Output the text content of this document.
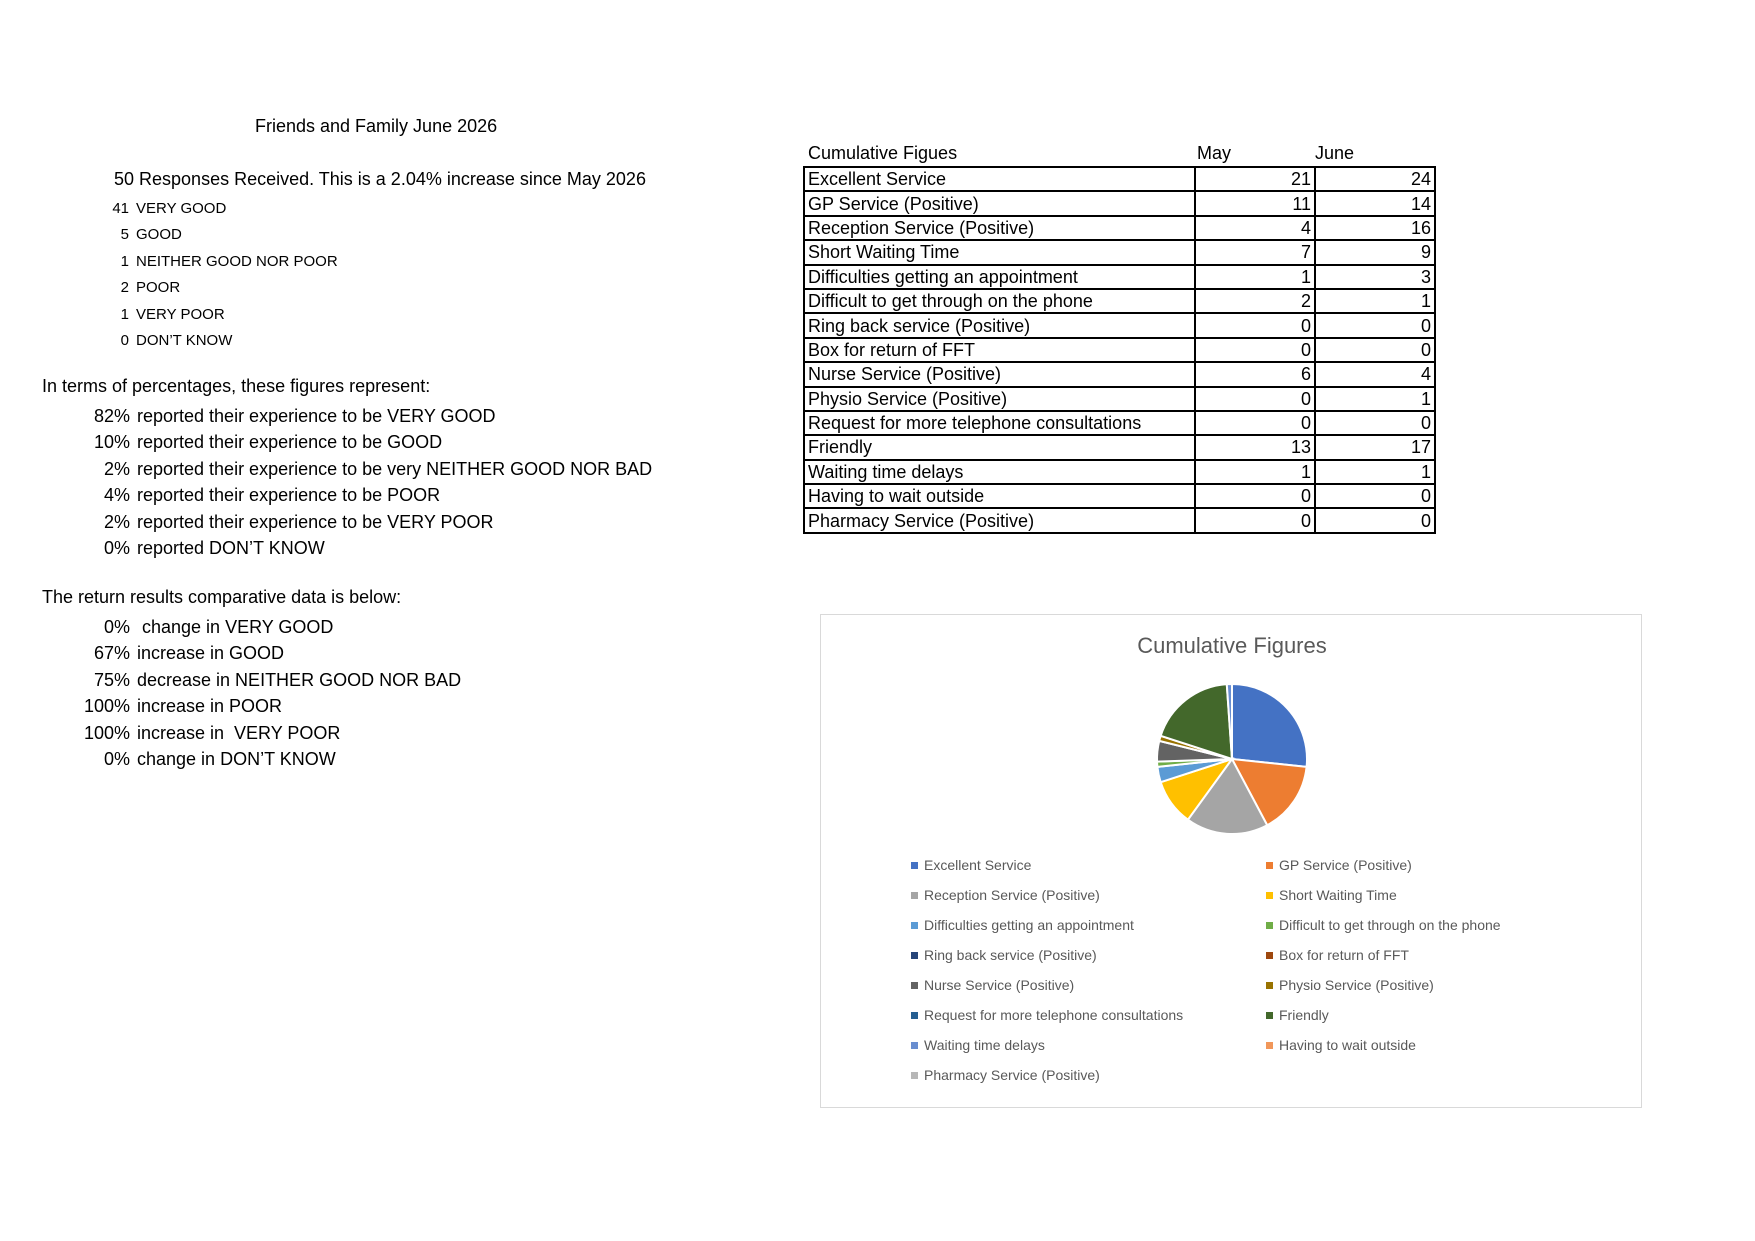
Friends and Family June 2026
50 Responses Received. This is a 2.04% increase since May 2026
41 VERY GOOD
5 GOOD
1 NEITHER GOOD NOR POOR
2 POOR
1 VERY POOR
0 DON’T KNOW
In terms of percentages, these figures represent:
82% reported their experience to be VERY GOOD
10% reported their experience to be GOOD
2% reported their experience to be very NEITHER GOOD NOR BAD
4% reported their experience to be POOR
2% reported their experience to be VERY POOR
0% reported DON’T KNOW
The return results comparative data is below:
0% change in VERY GOOD
67% increase in GOOD
75% decrease in NEITHER GOOD NOR BAD
100% increase in POOR
100% increase in  VERY POOR
0% change in DON’T KNOW
Cumulative Figues	May	June
Excellent Service	21	24
GP Service (Positive)	11	14
Reception Service (Positive)	4	16
Short Waiting Time	7	9
Difficulties getting an appointment	1	3
Difficult to get through on the phone	2	1
Ring back service (Positive)	0	0
Box for return of FFT	0	0
Nurse Service (Positive)	6	4
Physio Service (Positive)	0	1
Request for more telephone consultations	0	0
Friendly	13	17
Waiting time delays	1	1
Having to wait outside	0	0
Pharmacy Service (Positive)	0	0
Cumulative Figures
Excellent Service	GP Service (Positive)
Reception Service (Positive)	Short Waiting Time
Difficulties getting an appointment	Difficult to get through on the phone
Ring back service (Positive)	Box for return of FFT
Nurse Service (Positive)	Physio Service (Positive)
Request for more telephone consultations	Friendly
Waiting time delays	Having to wait outside
Pharmacy Service (Positive)
